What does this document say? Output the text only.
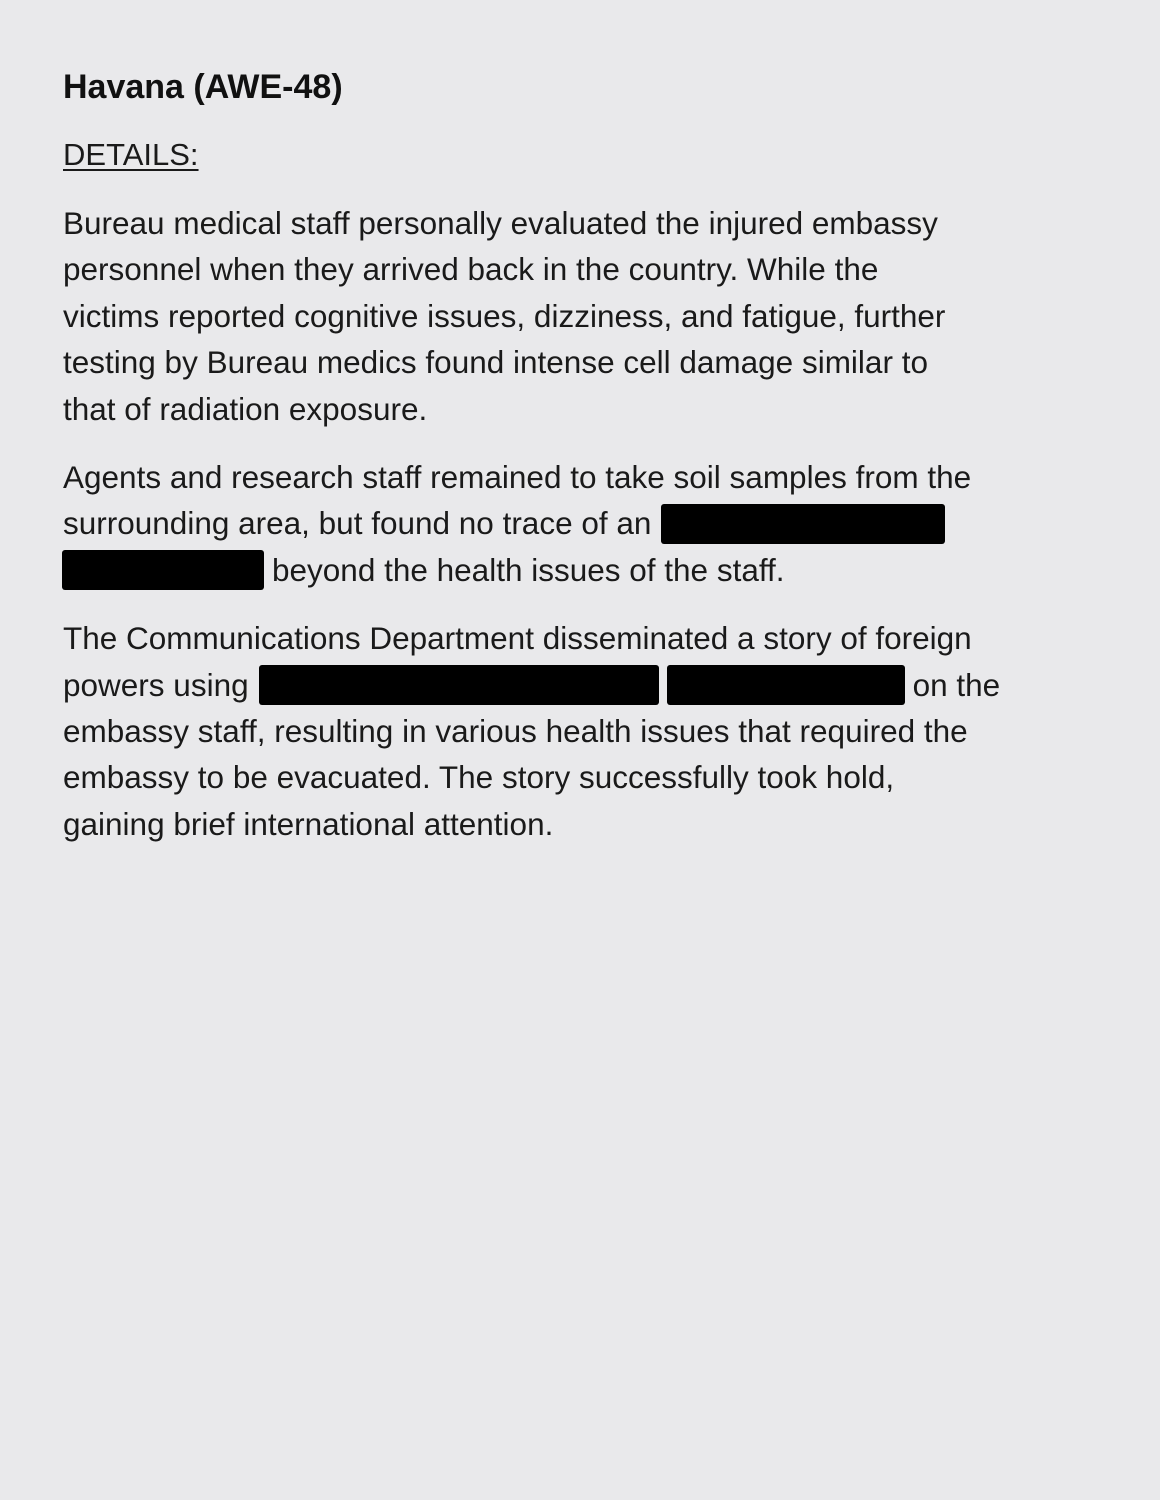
Havana (AWE-48)
DETAILS:
Bureau medical staff personally evaluated the injured embassy
personnel when they arrived back in the country. While the
victims reported cognitive issues, dizziness, and fatigue, further
testing by Bureau medics found intense cell damage similar to
that of radiation exposure.
Agents and research staff remained to take soil samples from the
surrounding area, but found no trace of an
beyond the health issues of the staff.
The Communications Department disseminated a story of foreign
powers using	on the
embassy staff, resulting in various health issues that required the
embassy to be evacuated. The story successfully took hold,
gaining brief international attention.
